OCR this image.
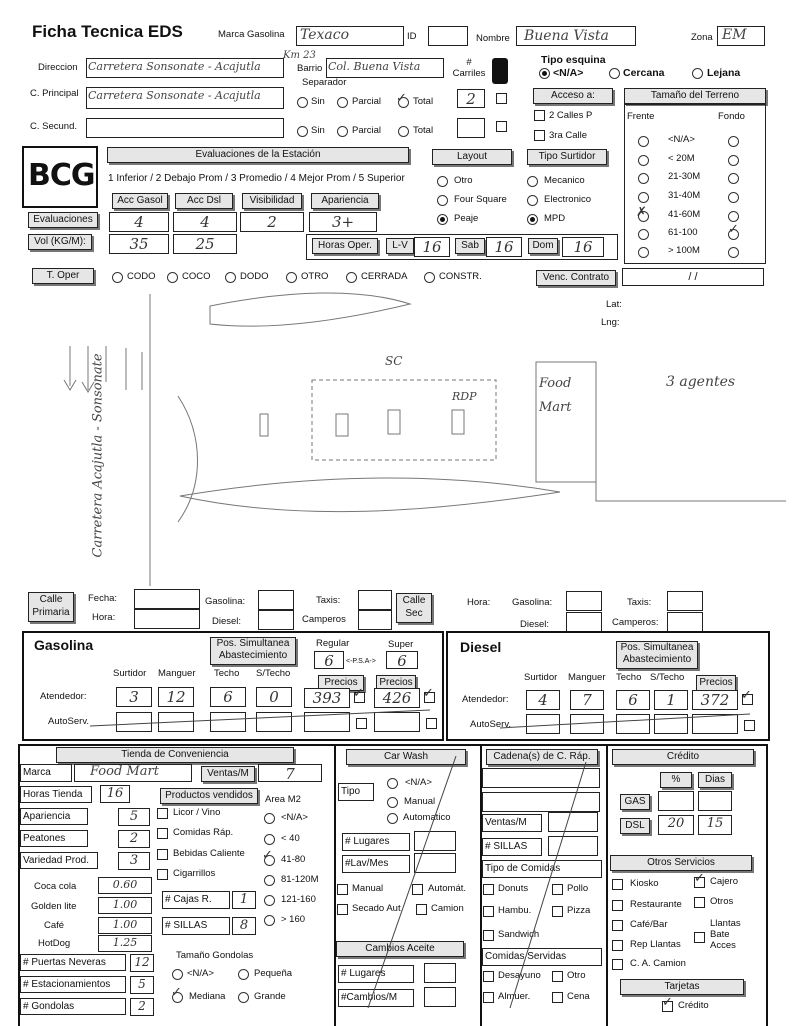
Ficha Tecnica EDS	Marca Gasolina Texaco	ID	Nombre Buena Vista	Zona EM
Direccion Carretera Sonsonate - Acajutla
Km 23
Barrio Col. Buena Vista	# Carriles
Separador
Tipo esquina
<N/A>	Cercana	Lejana
C. Principal Carretera Sonsonate - Acajutla	Sin	Parcial ✓ Total	2	Acceso a:
2 Calles P
3ra Calle
C. Secund.	Sin	Parcial	Total
Tamaño del Terreno
Frente	Fondo
<N/A>
< 20M
21-30M
31-40M
✗ 41-60M
61-100 ✓
> 100M
BCG
Evaluaciones de la Estación
1 Inferior / 2 Debajo Prom / 3 Promedio / 4 Mejor Prom / 5 Superior
Acc Gasol	Acc Dsl	Visibilidad	Apariencia
Evaluaciones	4	4	2	3+
Vol (KG/M):	35	25	Horas Oper.	L-V 16	Sab	16	Dom	16
Layout
Otro
Four Square
Peaje
Tipo Surtidor
Mecanico
Electronico
MPD
T. Oper	CODO	COCO	DODO	OTRO	CERRADA	CONSTR.	Venc. Contrato	/ /
Lat:
Lng:
Carretera Acajutla - Sonsonate	SC
RDP
Food Mart
3 agentes
Calle Primaria
Fecha:
Hora:
Gasolina:
Diesel:
Taxis:
Camperos
Calle Sec
Hora: Gasolina:
Diesel:
Taxis:
Camperos:
Gasolina	Pos. Simultanea Abastecimiento
Regular	Super
6	<-P.S.A->	6
Surtidor Manguer Techo S/Techo
Precios	Precios
Atendedor:	3	12	6	0	393 ✓	426 ✓
AutoServ.
Diesel	Pos. Simultanea Abastecimiento
Surtidor Manguer Techo S/Techo	Precios
Atendedor:	4	7	6	1	372 ✓
AutoServ.
Tienda de Conveniencia
Marca	Food Mart	Ventas/M	7
Horas Tienda	16	Productos vendidos	Area M2
Apariencia	5
Peatones	2
Variedad Prod.	3
Licor / Vino
Comidas Ráp.
Bebidas Caliente
Cigarrillos
<N/A>
< 40
✓ 41-80
81-120M
121-160
> 160
Coca cola	0.60
Golden lite	1.00
Café	1.00
HotDog	1.25
# Cajas R.	1
# SILLAS	8
# Puertas Neveras	12
# Estacionamientos	5
# Gondolas	2
Tamaño Gondolas
<N/A>	Pequeña
✓ Mediana	Grande
Car Wash
Tipo
<N/A>
Manual
Automatico
# Lugares
#Lav/Mes
Manual	Automát.
Secado Aut.	Camion
Cambios Aceite
# Lugares
#Cambios/M
Cadena(s) de C. Ráp.
Ventas/M
# SILLAS
Tipo de Comidas
Donuts	Pollo
Hambu.	Pizza
Sandwich
Comidas Servidas
Desayuno	Otro
Almuer.	Cena
Crédito
%	Dias
GAS
DSL	20	15
Otros Servicios
Kiosko	✓ Cajero
Restaurante	Otros
Café/Bar	Llantas Bate Acces
Rep Llantas
C. A. Camion
Tarjetas
✓ Crédito
